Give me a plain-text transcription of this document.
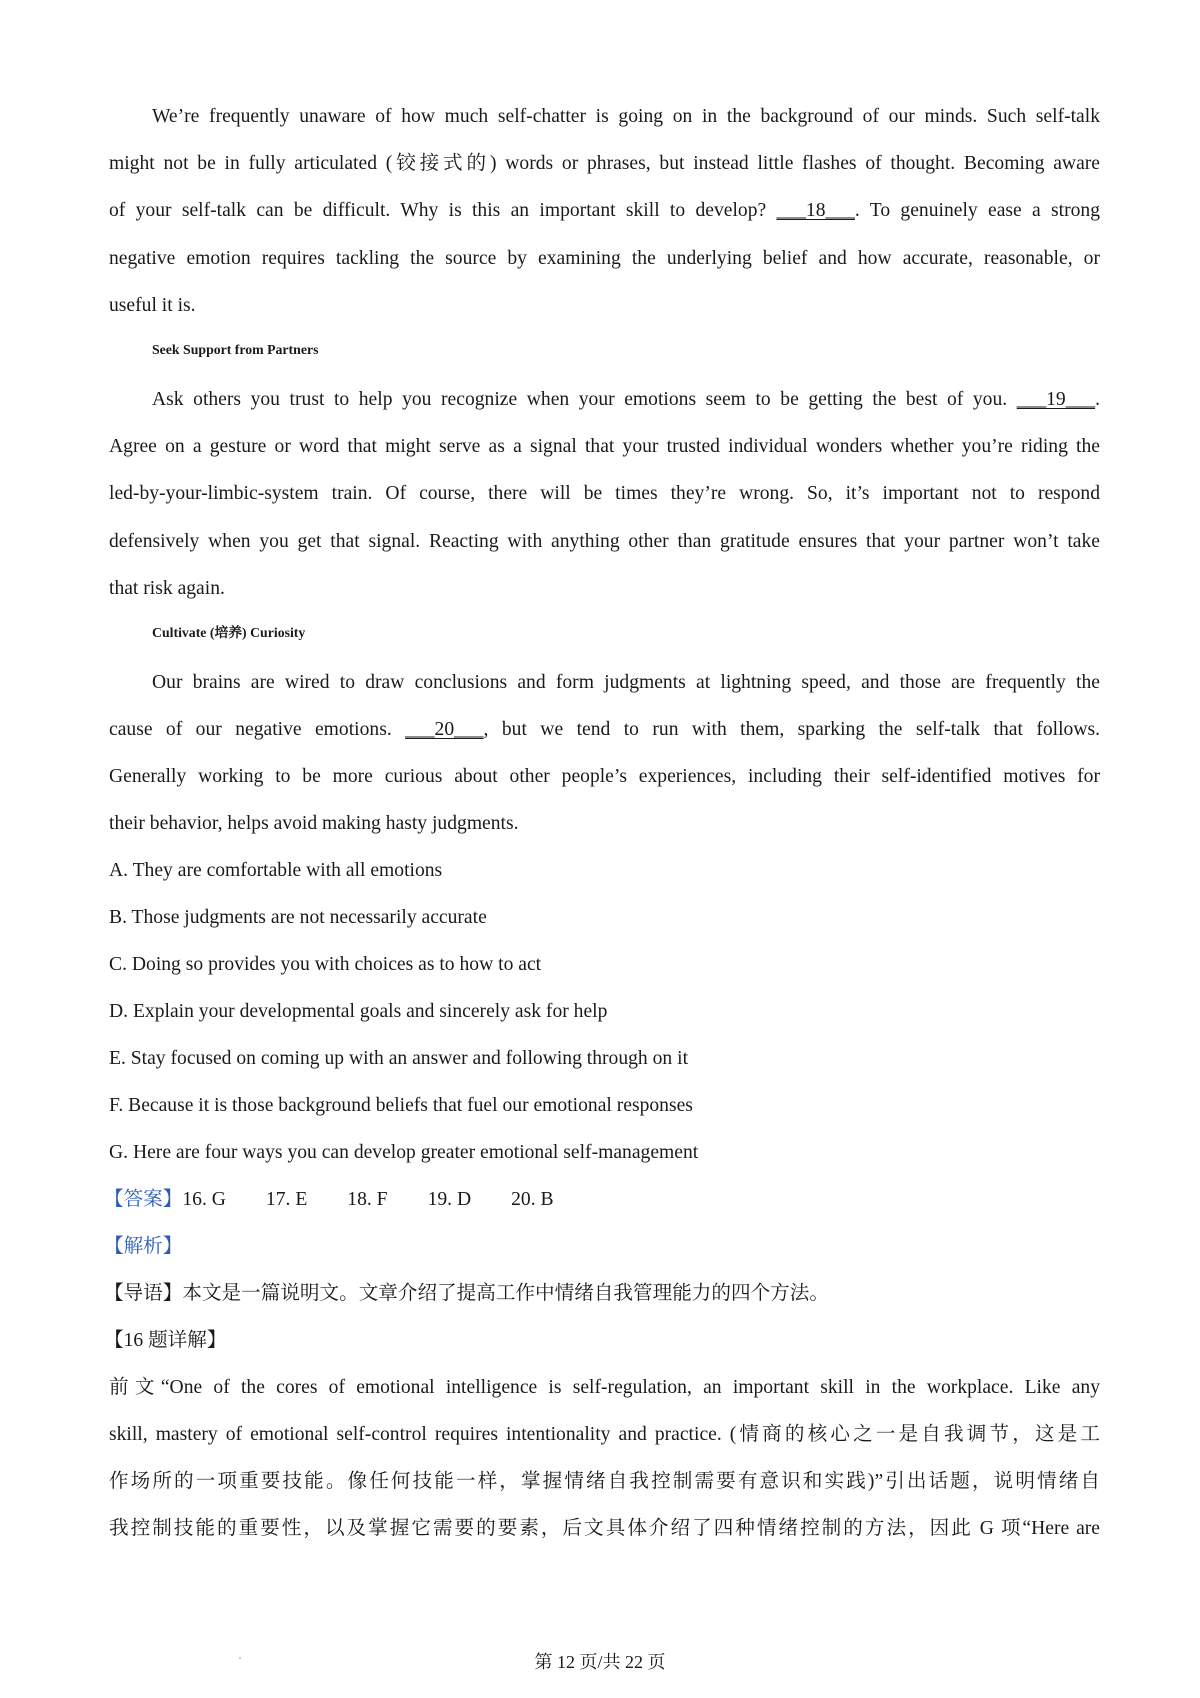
We’re frequently unaware of how much self-chatter is going on in the background of our minds. Such self-talk

might not be in fully articulated (铰接式的) words or phrases, but instead little flashes of thought. Becoming aware

of your self-talk can be difficult. Why is this an important skill to develop? ___18___. To genuinely ease a strong

negative emotion requires tackling the source by examining the underlying belief and how accurate, reasonable, or

useful it is.

Seek Support from Partners

Ask others you trust to help you recognize when your emotions seem to be getting the best of you. ___19___.

Agree on a gesture or word that might serve as a signal that your trusted individual wonders whether you’re riding the

led-by-your-limbic-system train. Of course, there will be times they’re wrong. So, it’s important not to respond

defensively when you get that signal. Reacting with anything other than gratitude ensures that your partner won’t take

that risk again.

Cultivate (培养) Curiosity

Our brains are wired to draw conclusions and form judgments at lightning speed, and those are frequently the

cause of our negative emotions. ___20___, but we tend to run with them, sparking the self-talk that follows.

Generally working to be more curious about other people’s experiences, including their self-identified motives for

their behavior, helps avoid making hasty judgments.

A. They are comfortable with all emotions

B. Those judgments are not necessarily accurate

C. Doing so provides you with choices as to how to act

D. Explain your developmental goals and sincerely ask for help

E. Stay focused on coming up with an answer and following through on it

F. Because it is those background beliefs that fuel our emotional responses

G. Here are four ways you can develop greater emotional self-management

【答案】16. G 17. E 18. F 19. D 20. B

【解析】

【导语】本文是一篇说明文。文章介绍了提高工作中情绪自我管理能力的四个方法。

【16 题详解】

前文“One of the cores of emotional intelligence is self-regulation, an important skill in the workplace. Like any

skill, mastery of emotional self-control requires intentionality and practice. (情商的核心之一是自我调节，这是工

作场所的一项重要技能。像任何技能一样，掌握情绪自我控制需要有意识和实践)”引出话题，说明情绪自

我控制技能的重要性，以及掌握它需要的要素，后文具体介绍了四种情绪控制的方法，因此 G 项“Here are

第 12 页/共 22 页
